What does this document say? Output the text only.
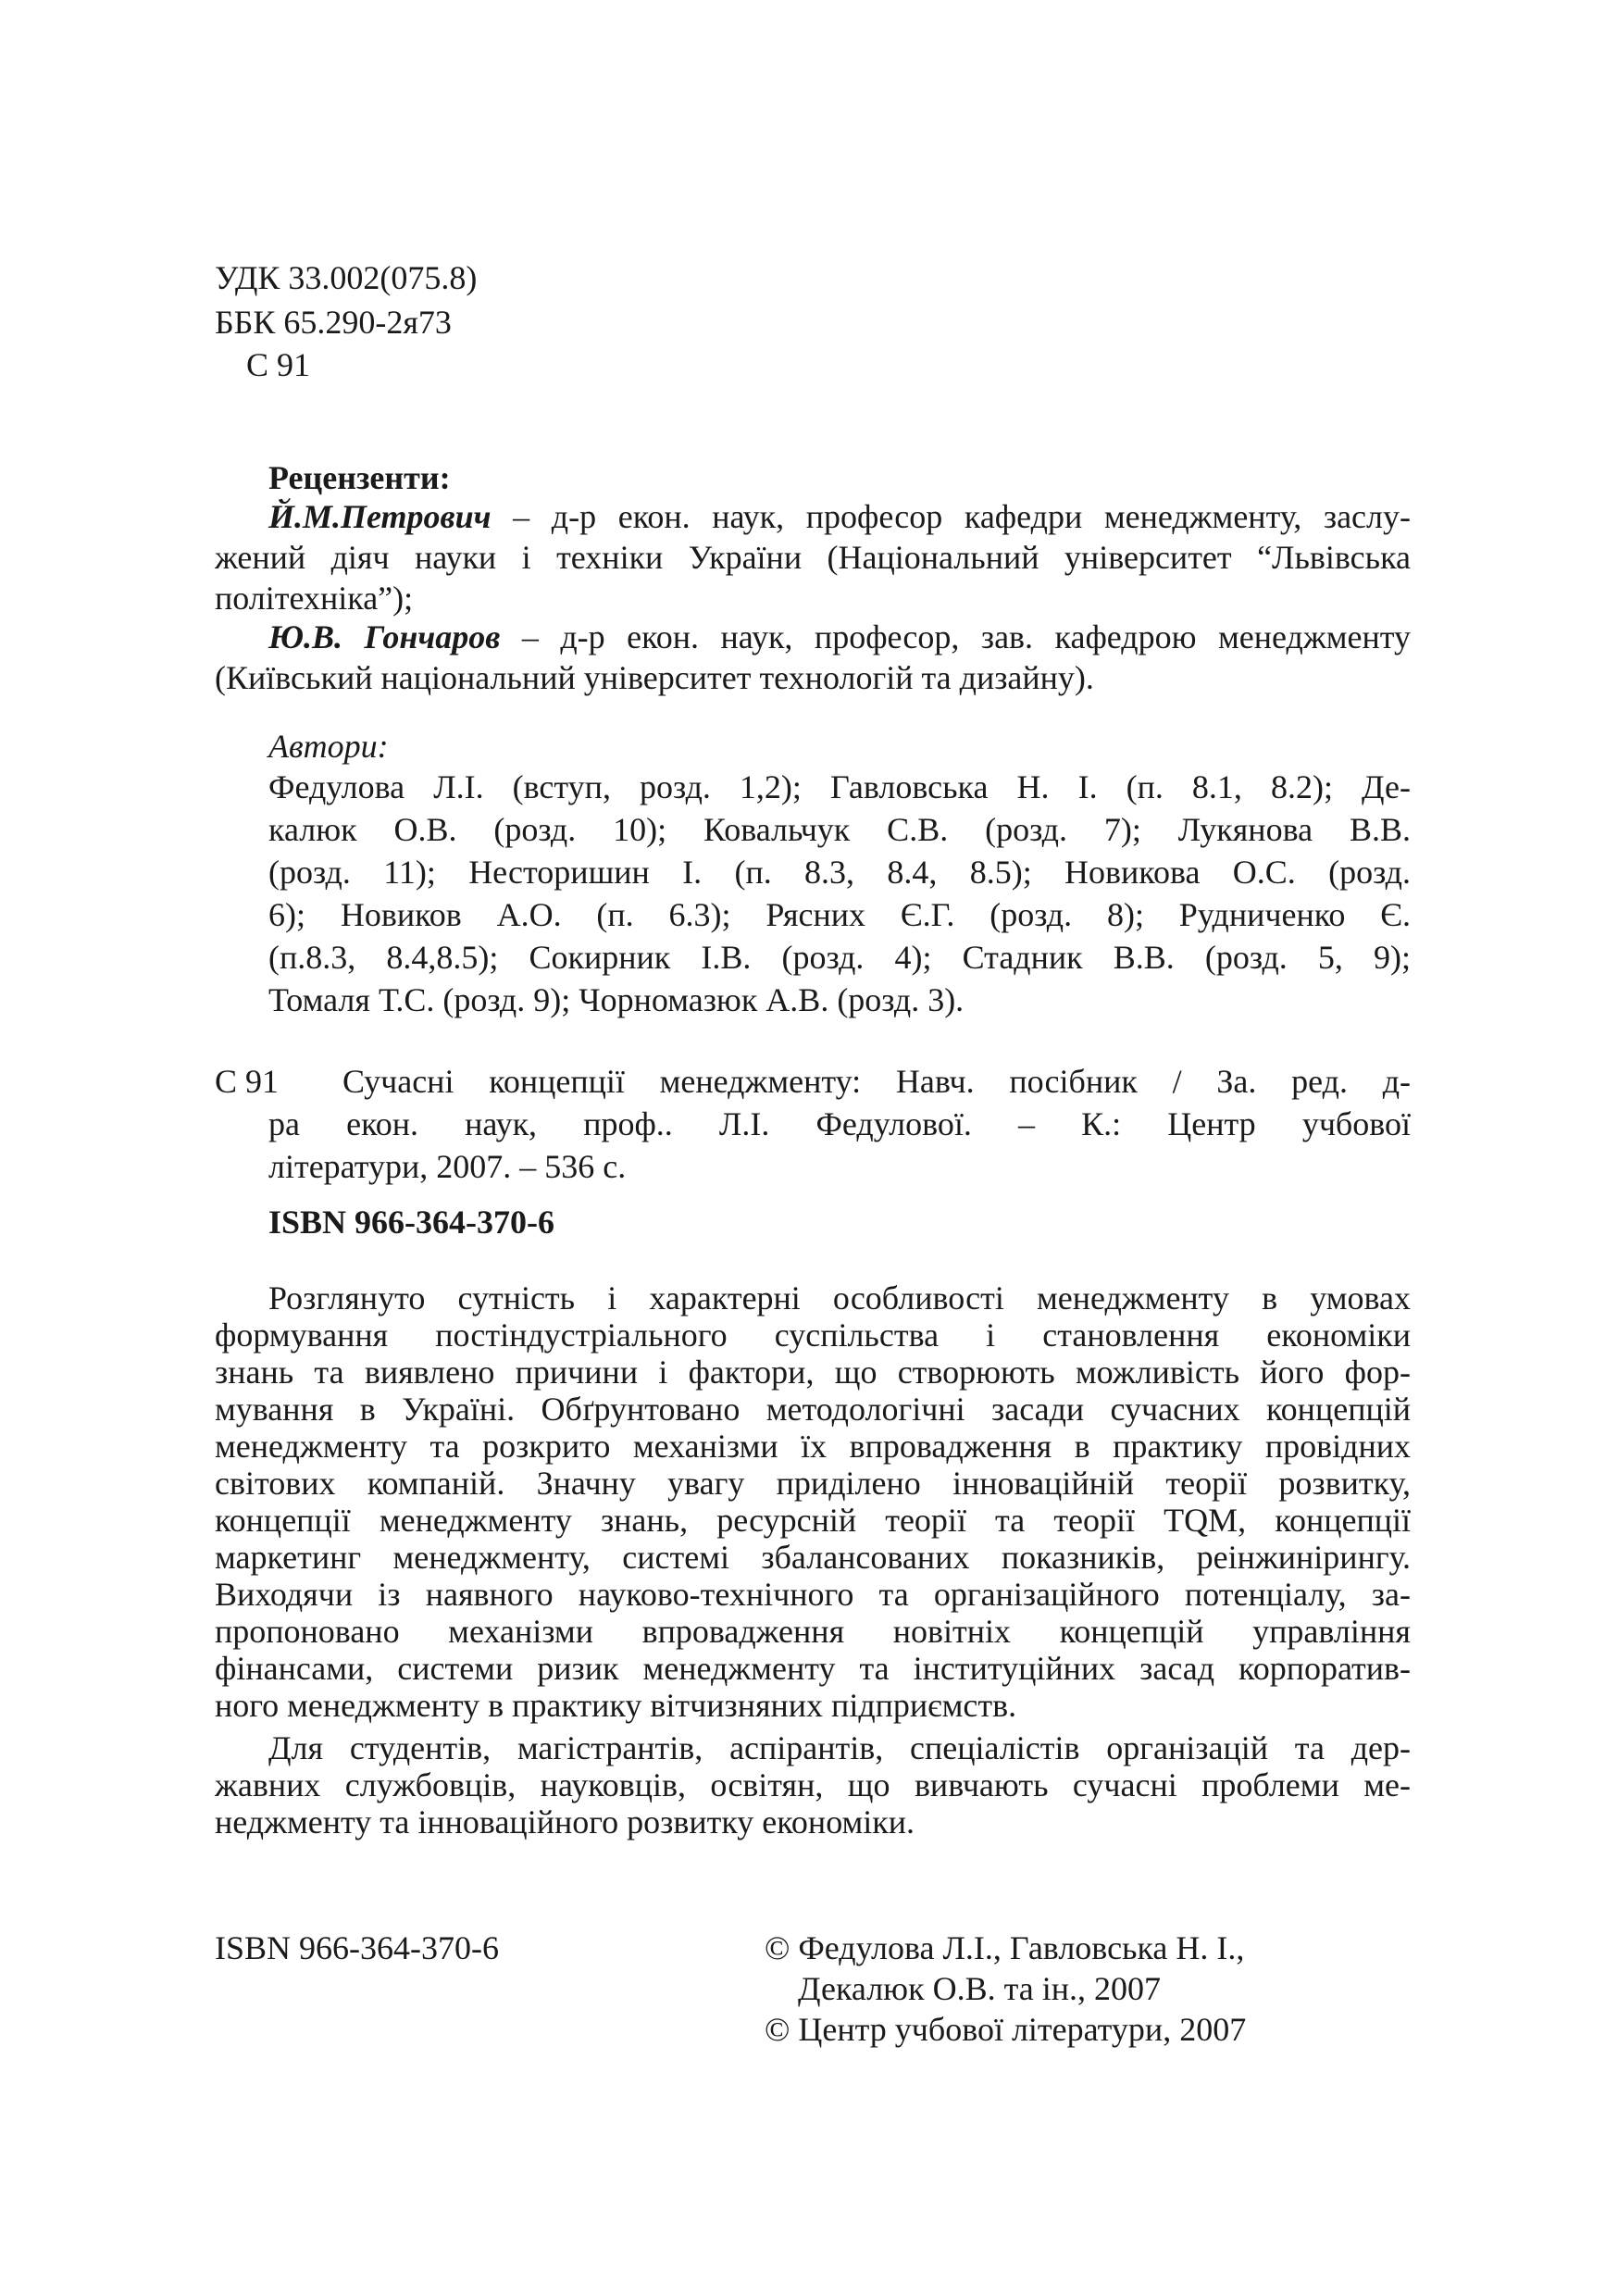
УДК 33.002(075.8)
ББК 65.290-2я73
С 91
Рецензенти:
Й.М.Петрович – д-р екон. наук, професор кафедри менеджменту, заслу-
жений діяч науки і техніки України (Національний університет “Львівська
політехніка”);
Ю.В. Гончаров – д-р екон. наук, професор, зав. кафедрою менеджменту
(Київський національний університет технологій та дизайну).
Автори:
Федулова Л.І. (вступ, розд. 1,2); Гавловська Н. І. (п. 8.1, 8.2); Де-
калюк О.В. (розд. 10); Ковальчук С.В. (розд. 7); Лукянова В.В.
(розд. 11); Несторишин І. (п. 8.3, 8.4, 8.5); Новикова О.С. (розд.
6); Новиков А.О. (п. 6.3); Рясних Є.Г. (розд. 8); Рудниченко Є.
(п.8.3, 8.4,8.5); Сокирник І.В. (розд. 4); Стадник В.В. (розд. 5, 9);
Томаля Т.С. (розд. 9); Чорномазюк А.В. (розд. 3).
С 91 Сучасні концепції менеджменту: Навч. посібник / За. ред. д-
ра екон. наук, проф.. Л.І. Федулової. – К.: Центр учбової
літератури, 2007. – 536 с.
ISBN 966-364-370-6
Розглянуто сутність і характерні особливості менеджменту в умовах
формування постіндустріального суспільства і становлення економіки
знань та виявлено причини і фактори, що створюють можливість його фор-
мування в Україні. Обґрунтовано методологічні засади сучасних концепцій
менеджменту та розкрито механізми їх впровадження в практику провідних
світових компаній. Значну увагу приділено інноваційній теорії розвитку,
концепції менеджменту знань, ресурсній теорії та теорії TQM, концепції
маркетинг менеджменту, системі збалансованих показників, реінжинірингу.
Виходячи із наявного науково-технічного та організаційного потенціалу, за-
пропоновано механізми впровадження новітніх концепцій управління
фінансами, системи ризик менеджменту та інституційних засад корпоратив-
ного менеджменту в практику вітчизняних підприємств.
Для студентів, магістрантів, аспірантів, спеціалістів організацій та дер-
жавних службовців, науковців, освітян, що вивчають сучасні проблеми ме-
неджменту та інноваційного розвитку економіки.
ISBN 966-364-370-6	© Федулова Л.І., Гавловська Н. І.,
Декалюк О.В. та ін., 2007
© Центр учбової літератури, 2007
